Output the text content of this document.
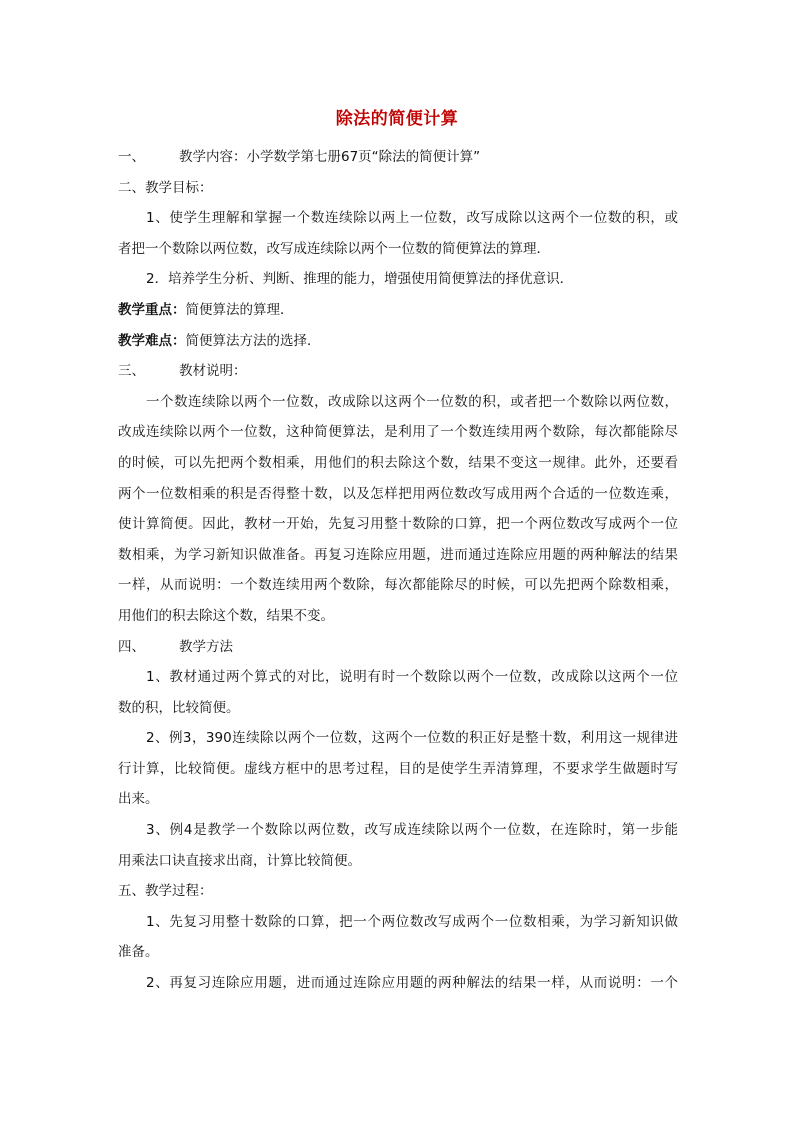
除法的简便计算

一、	教学内容：小学数学第七册67页“除法的简便计算”

二、教学目标：

1、使学生理解和掌握一个数连续除以两上一位数，改写成除以这两个一位数的积，或

者把一个数除以两位数，改写成连续除以两个一位数的简便算法的算理．

2．培养学生分析、判断、推理的能力，增强使用简便算法的择优意识．

教学重点：简便算法的算理．

教学难点：简便算法方法的选择．

三、	教材说明：

一个数连续除以两个一位数，改成除以这两个一位数的积，或者把一个数除以两位数，

改成连续除以两个一位数，这种简便算法，是利用了一个数连续用两个数除，每次都能除尽

的时候，可以先把两个数相乘，用他们的积去除这个数，结果不变这一规律。此外，还要看

两个一位数相乘的积是否得整十数，以及怎样把用两位数改写成用两个合适的一位数连乘，

使计算简便。因此，教材一开始，先复习用整十数除的口算，把一个两位数改写成两个一位

数相乘，为学习新知识做准备。再复习连除应用题，进而通过连除应用题的两种解法的结果

一样，从而说明：一个数连续用两个数除，每次都能除尽的时候，可以先把两个除数相乘，

用他们的积去除这个数，结果不变。

四、	教学方法

1、教材通过两个算式的对比，说明有时一个数除以两个一位数，改成除以这两个一位

数的积，比较简便。

2、例3，390连续除以两个一位数，这两个一位数的积正好是整十数，利用这一规律进

行计算，比较简便。虚线方框中的思考过程，目的是使学生弄清算理，不要求学生做题时写

出来。

3、例4是教学一个数除以两位数，改写成连续除以两个一位数，在连除时，第一步能

用乘法口诀直接求出商，计算比较简便。

五、教学过程：

1、先复习用整十数除的口算，把一个两位数改写成两个一位数相乘，为学习新知识做

准备。

2、再复习连除应用题，进而通过连除应用题的两种解法的结果一样，从而说明：一个
